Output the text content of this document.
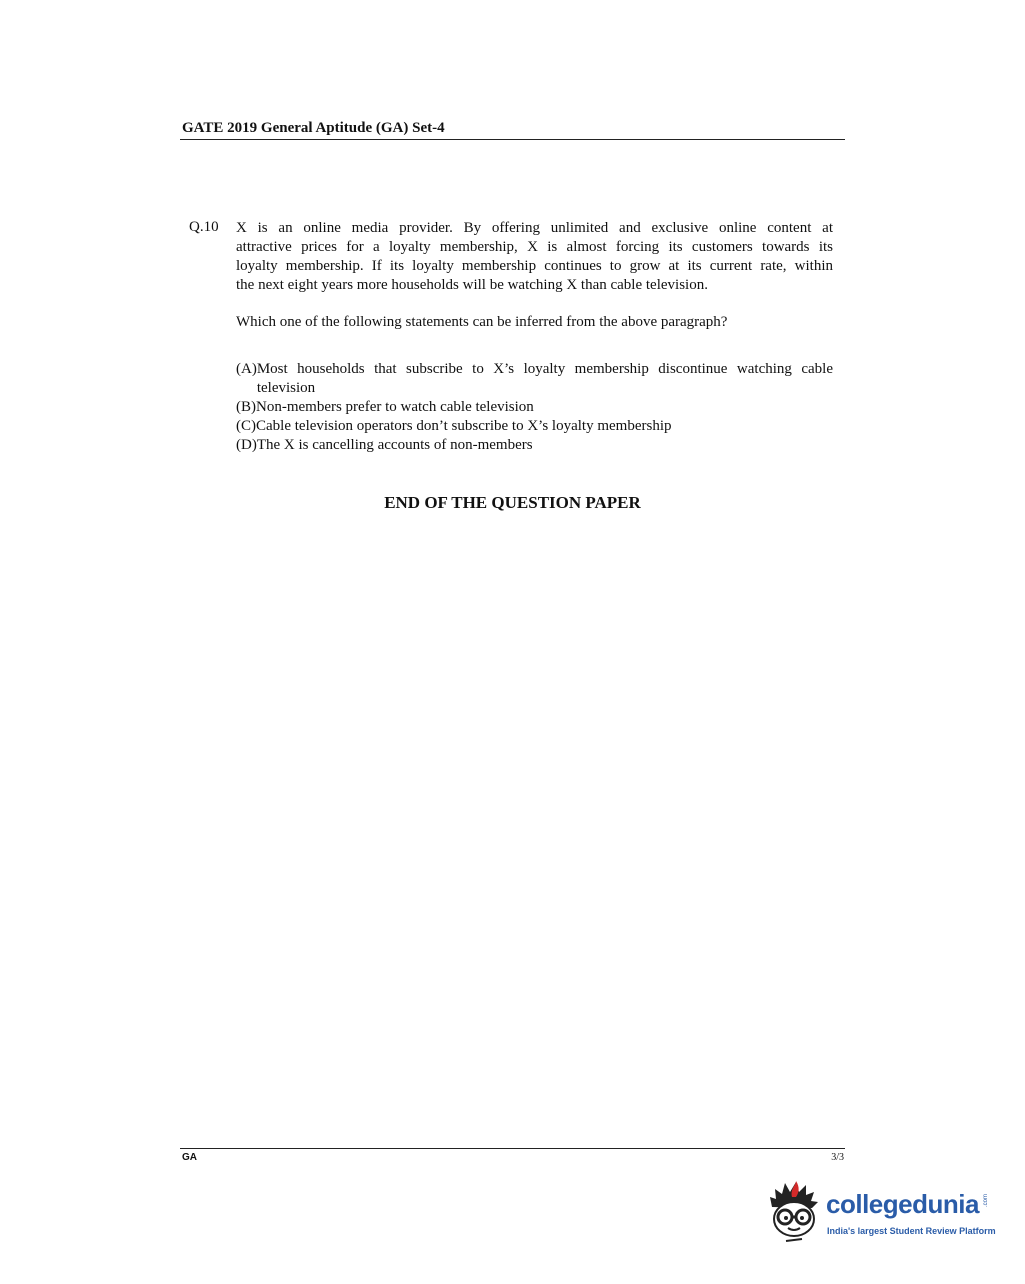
GATE 2019 General Aptitude (GA) Set-4
Q.10 X is an online media provider. By offering unlimited and exclusive online content at
attractive prices for a loyalty membership, X is almost forcing its customers towards its
loyalty membership. If its loyalty membership continues to grow at its current rate, within
the next eight years more households will be watching X than cable television.
Which one of the following statements can be inferred from the above paragraph?
(A) Most households that subscribe to X’s loyalty membership discontinue watching cable
television
(B) Non-members prefer to watch cable television
(C) Cable television operators don’t subscribe to X’s loyalty membership
(D) The X is cancelling accounts of non-members
END OF THE QUESTION PAPER
GA	3/3
collegedunia .com
India's largest Student Review Platform
